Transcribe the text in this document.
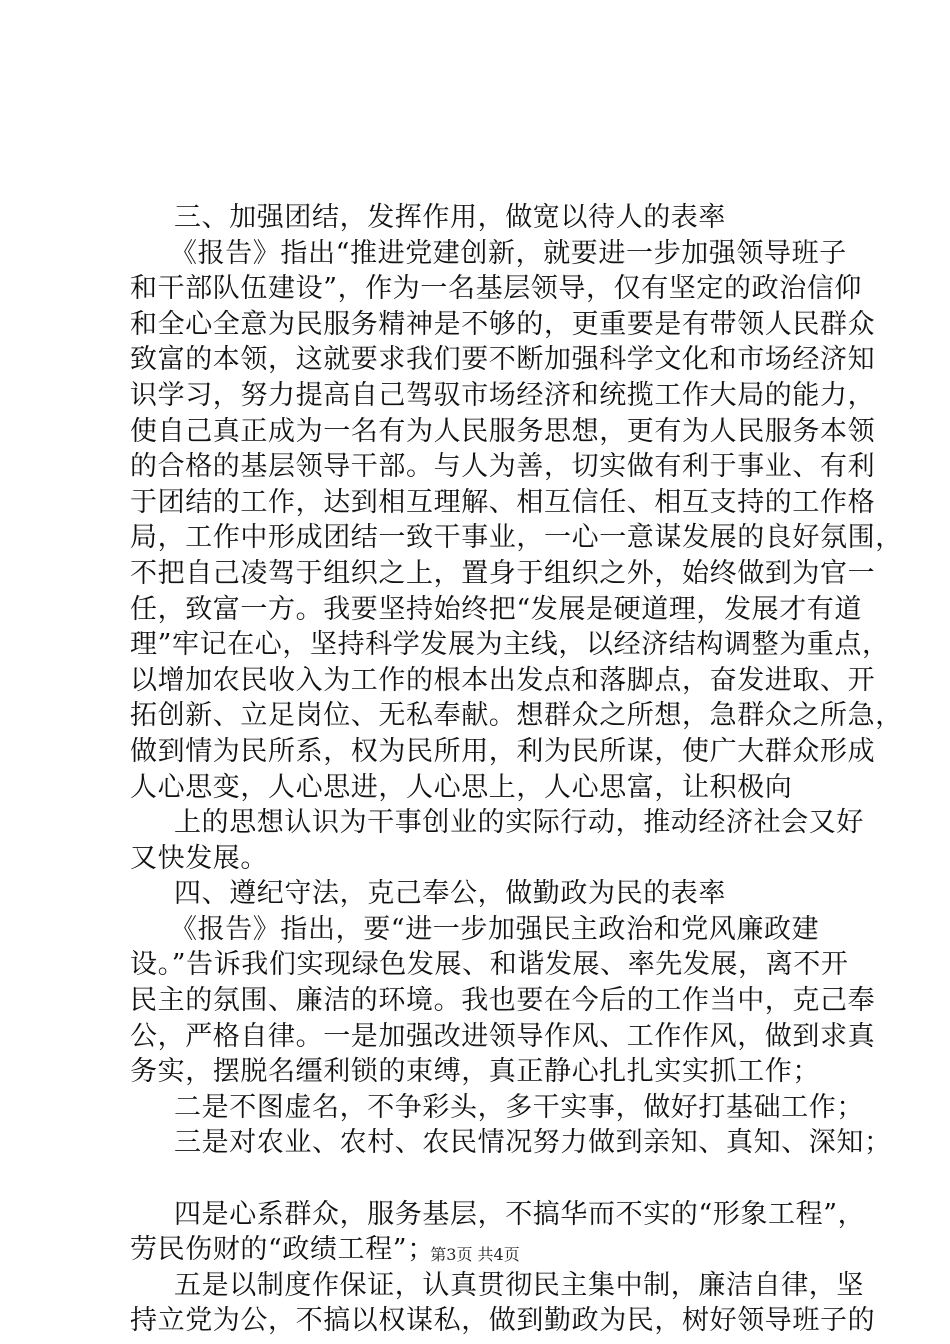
三、加强团结，发挥作用，做宽以待人的表率
《报告》指出“推进党建创新，就要进一步加强领导班子
和干部队伍建设”，作为一名基层领导，仅有坚定的政治信仰
和全心全意为民服务精神是不够的，更重要是有带领人民群众
致富的本领，这就要求我们要不断加强科学文化和市场经济知
识学习，努力提高自己驾驭市场经济和统揽工作大局的能力，
使自己真正成为一名有为人民服务思想，更有为人民服务本领
的合格的基层领导干部。与人为善，切实做有利于事业、有利
于团结的工作，达到相互理解、相互信任、相互支持的工作格
局，工作中形成团结一致干事业，一心一意谋发展的良好氛围，
不把自己凌驾于组织之上，置身于组织之外，始终做到为官一
任，致富一方。我要坚持始终把“发展是硬道理，发展才有道
理”牢记在心，坚持科学发展为主线，以经济结构调整为重点，
以增加农民收入为工作的根本出发点和落脚点，奋发进取、开
拓创新、立足岗位、无私奉献。想群众之所想，急群众之所急，
做到情为民所系，权为民所用，利为民所谋，使广大群众形成
人心思变，人心思进，人心思上，人心思富，让积极向
上的思想认识为干事创业的实际行动，推动经济社会又好
又快发展。
四、遵纪守法，克己奉公，做勤政为民的表率
《报告》指出，要“进一步加强民主政治和党风廉政建
设。”告诉我们实现绿色发展、和谐发展、率先发展，离不开
民主的氛围、廉洁的环境。我也要在今后的工作当中，克己奉
公，严格自律。一是加强改进领导作风、工作作风，做到求真
务实，摆脱名缰利锁的束缚，真正静心扎扎实实抓工作；
二是不图虚名，不争彩头，多干实事，做好打基础工作；
三是对农业、农村、农民情况努力做到亲知、真知、深知；
四是心系群众，服务基层，不搞华而不实的“形象工程”，
劳民伤财的“政绩工程”；
五是以制度作保证，认真贯彻民主集中制，廉洁自律，坚
持立党为公，不搞以权谋私，做到勤政为民，树好领导班子的
第3页 共4页
